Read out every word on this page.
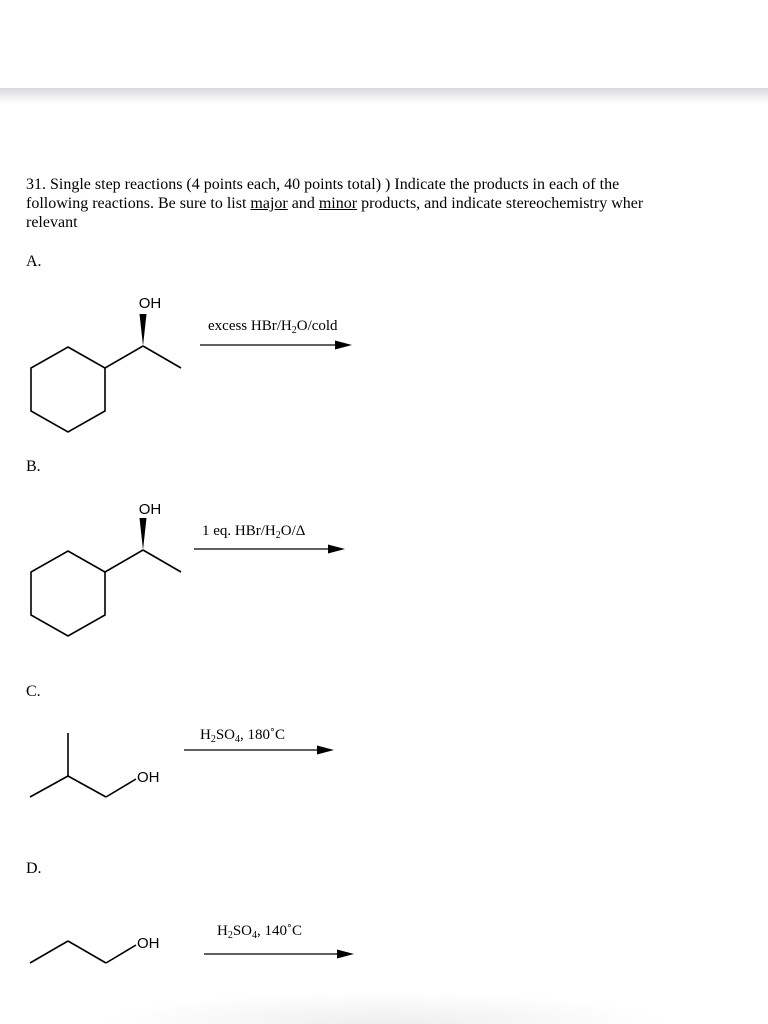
31. Single step reactions (4 points each, 40 points total) ) Indicate the products in each of the
following reactions. Be sure to list major and minor products, and indicate stereochemistry wher
relevant
A.
B.
C.
D.
excess HBr/$H_2O$/cold
1 eq. HBr/$H_2O/\Delta$
$H_2SO_4$, 180˚C
$H_2SO_4$, 140˚C
OH
OH
OH
OH
